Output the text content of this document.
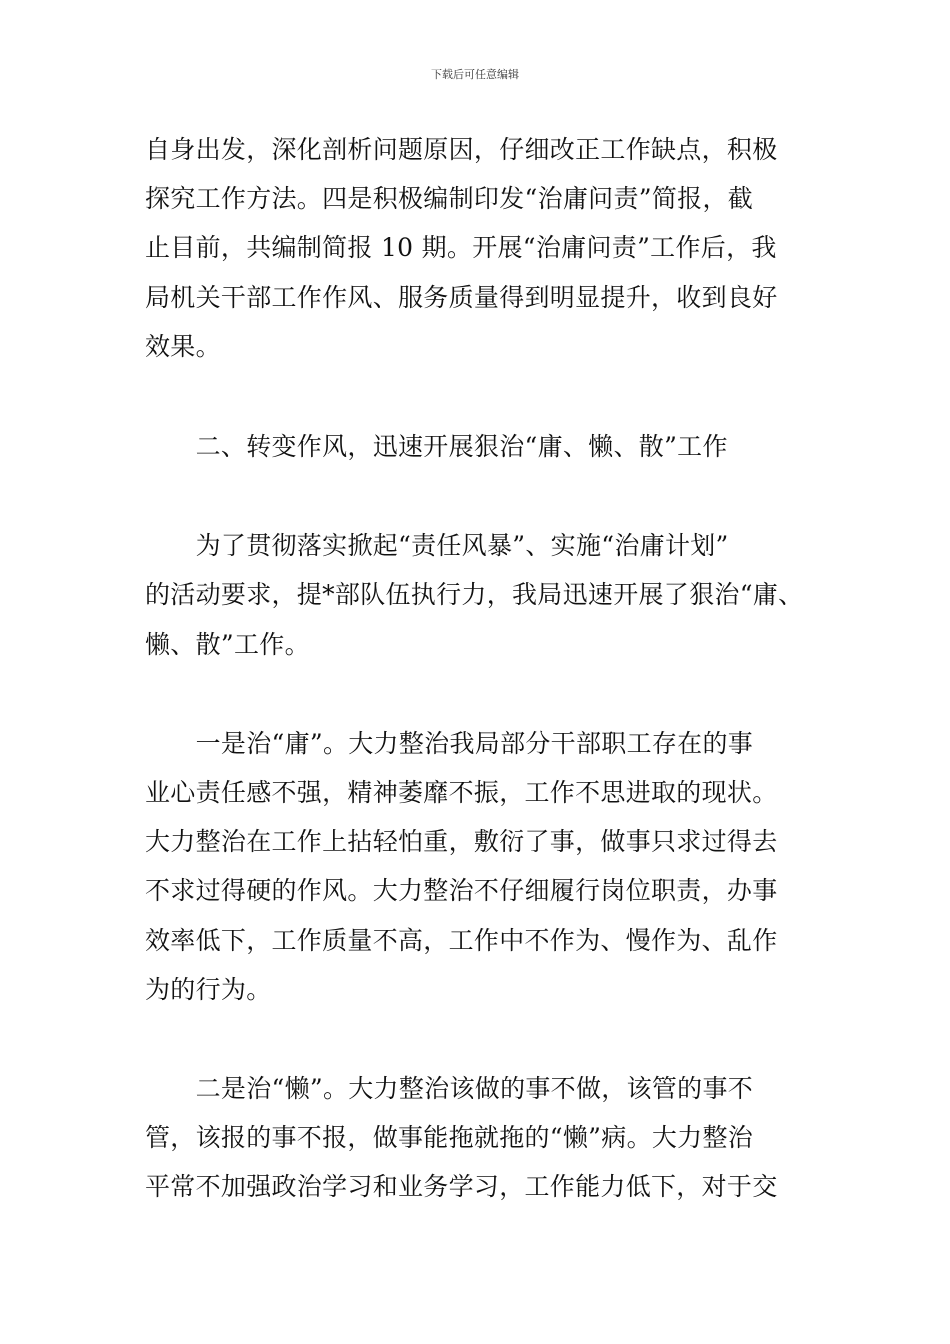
下载后可任意编辑

自身出发，深化剖析问题原因，仔细改正工作缺点，积极
探究工作方法。四是积极编制印发“治庸问责”简报，截
止目前，共编制简报 10 期。开展“治庸问责”工作后，我
局机关干部工作作风、服务质量得到明显提升，收到良好
效果。

　　二、转变作风，迅速开展狠治“庸、懒、散”工作

　　为了贯彻落实掀起“责任风暴”、实施“治庸计划”
的活动要求，提*部队伍执行力，我局迅速开展了狠治“庸、
懒、散”工作。

　　一是治“庸”。大力整治我局部分干部职工存在的事
业心责任感不强，精神萎靡不振，工作不思进取的现状。
大力整治在工作上拈轻怕重，敷衍了事，做事只求过得去
不求过得硬的作风。大力整治不仔细履行岗位职责，办事
效率低下，工作质量不高，工作中不作为、慢作为、乱作
为的行为。

　　二是治“懒”。大力整治该做的事不做，该管的事不
管，该报的事不报，做事能拖就拖的“懒”病。大力整治
平常不加强政治学习和业务学习，工作能力低下，对于交
